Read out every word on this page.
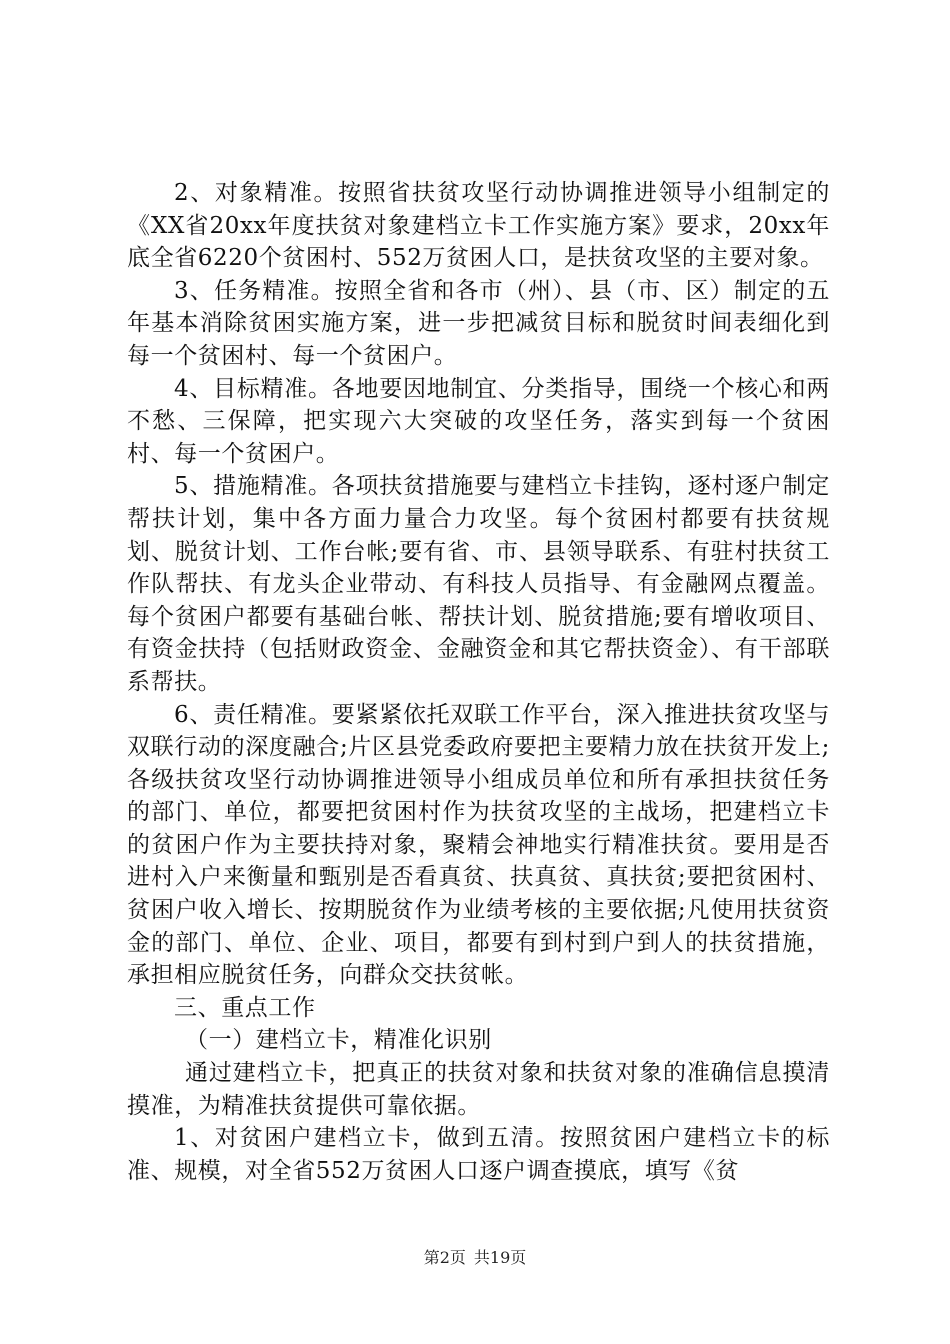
2、对象精准。按照省扶贫攻坚行动协调推进领导小组制定的《XX省20xx年度扶贫对象建档立卡工作实施方案》要求，20xx年底全省6220个贫困村、552万贫困人口，是扶贫攻坚的主要对象。

3、任务精准。按照全省和各市（州）、县（市、区）制定的五年基本消除贫困实施方案，进一步把减贫目标和脱贫时间表细化到每一个贫困村、每一个贫困户。

4、目标精准。各地要因地制宜、分类指导，围绕一个核心和两不愁、三保障，把实现六大突破的攻坚任务，落实到每一个贫困村、每一个贫困户。

5、措施精准。各项扶贫措施要与建档立卡挂钩，逐村逐户制定帮扶计划，集中各方面力量合力攻坚。每个贫困村都要有扶贫规划、脱贫计划、工作台帐;要有省、市、县领导联系、有驻村扶贫工作队帮扶、有龙头企业带动、有科技人员指导、有金融网点覆盖。每个贫困户都要有基础台帐、帮扶计划、脱贫措施;要有增收项目、有资金扶持（包括财政资金、金融资金和其它帮扶资金）、有干部联系帮扶。

6、责任精准。要紧紧依托双联工作平台，深入推进扶贫攻坚与双联行动的深度融合;片区县党委政府要把主要精力放在扶贫开发上;各级扶贫攻坚行动协调推进领导小组成员单位和所有承担扶贫任务的部门、单位，都要把贫困村作为扶贫攻坚的主战场，把建档立卡的贫困户作为主要扶持对象，聚精会神地实行精准扶贫。要用是否进村入户来衡量和甄别是否看真贫、扶真贫、真扶贫;要把贫困村、贫困户收入增长、按期脱贫作为业绩考核的主要依据;凡使用扶贫资金的部门、单位、企业、项目，都要有到村到户到人的扶贫措施，承担相应脱贫任务，向群众交扶贫帐。

三、重点工作

（一）建档立卡，精准化识别

通过建档立卡，把真正的扶贫对象和扶贫对象的准确信息摸清摸准，为精准扶贫提供可靠依据。

1、对贫困户建档立卡，做到五清。按照贫困户建档立卡的标准、规模，对全省552万贫困人口逐户调查摸底，填写《贫

第2页 共19页
